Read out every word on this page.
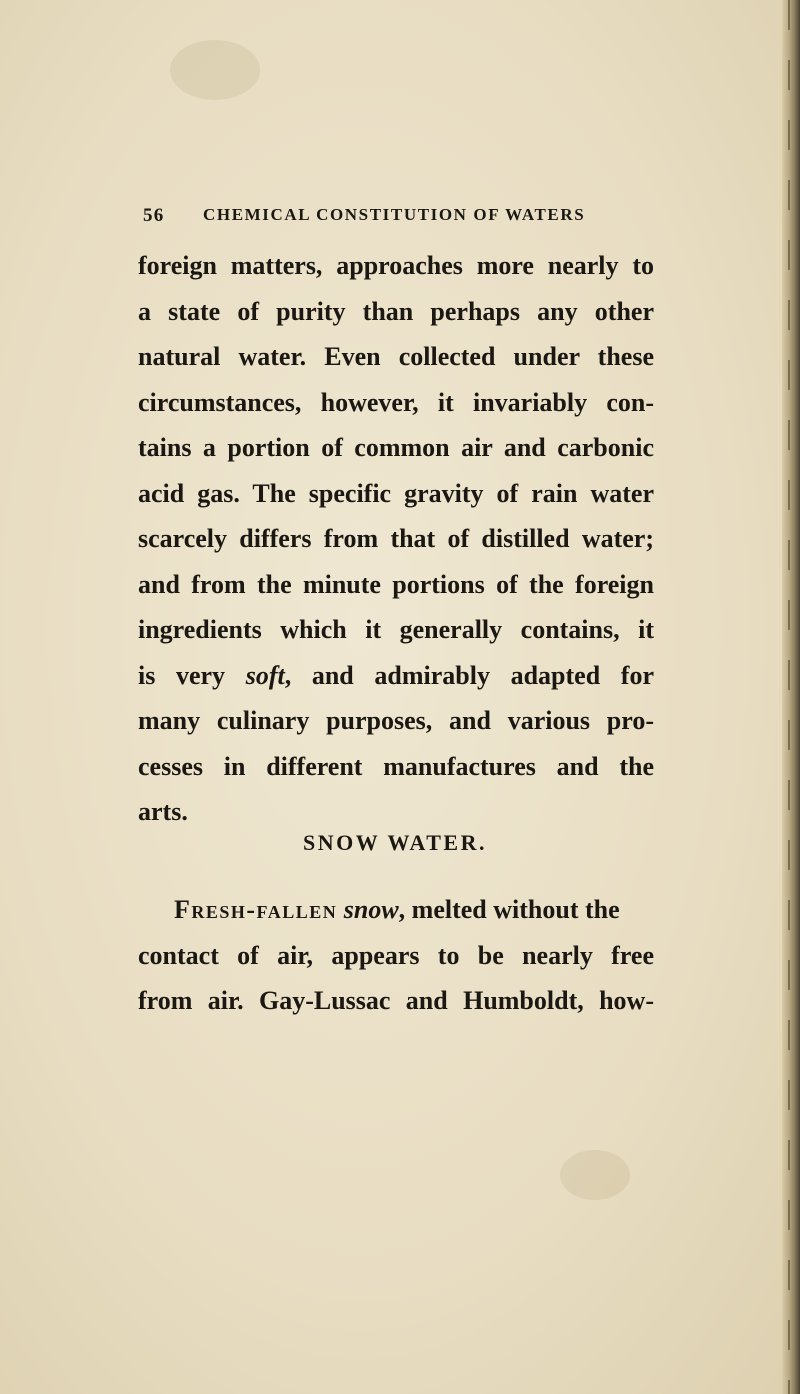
56 CHEMICAL CONSTITUTION OF WATERS
foreign matters, approaches more nearly to
a state of purity than perhaps any other
natural water. Even collected under these
circumstances, however, it invariably con-
tains a portion of common air and carbonic
acid gas. The specific gravity of rain water
scarcely differs from that of distilled water;
and from the minute portions of the foreign
ingredients which it generally contains, it
is very soft, and admirably adapted for
many culinary purposes, and various pro-
cesses in different manufactures and the
arts.
SNOW WATER.
Fresh-fallen snow, melted without the
contact of air, appears to be nearly free
from air. Gay-Lussac and Humboldt, how-
